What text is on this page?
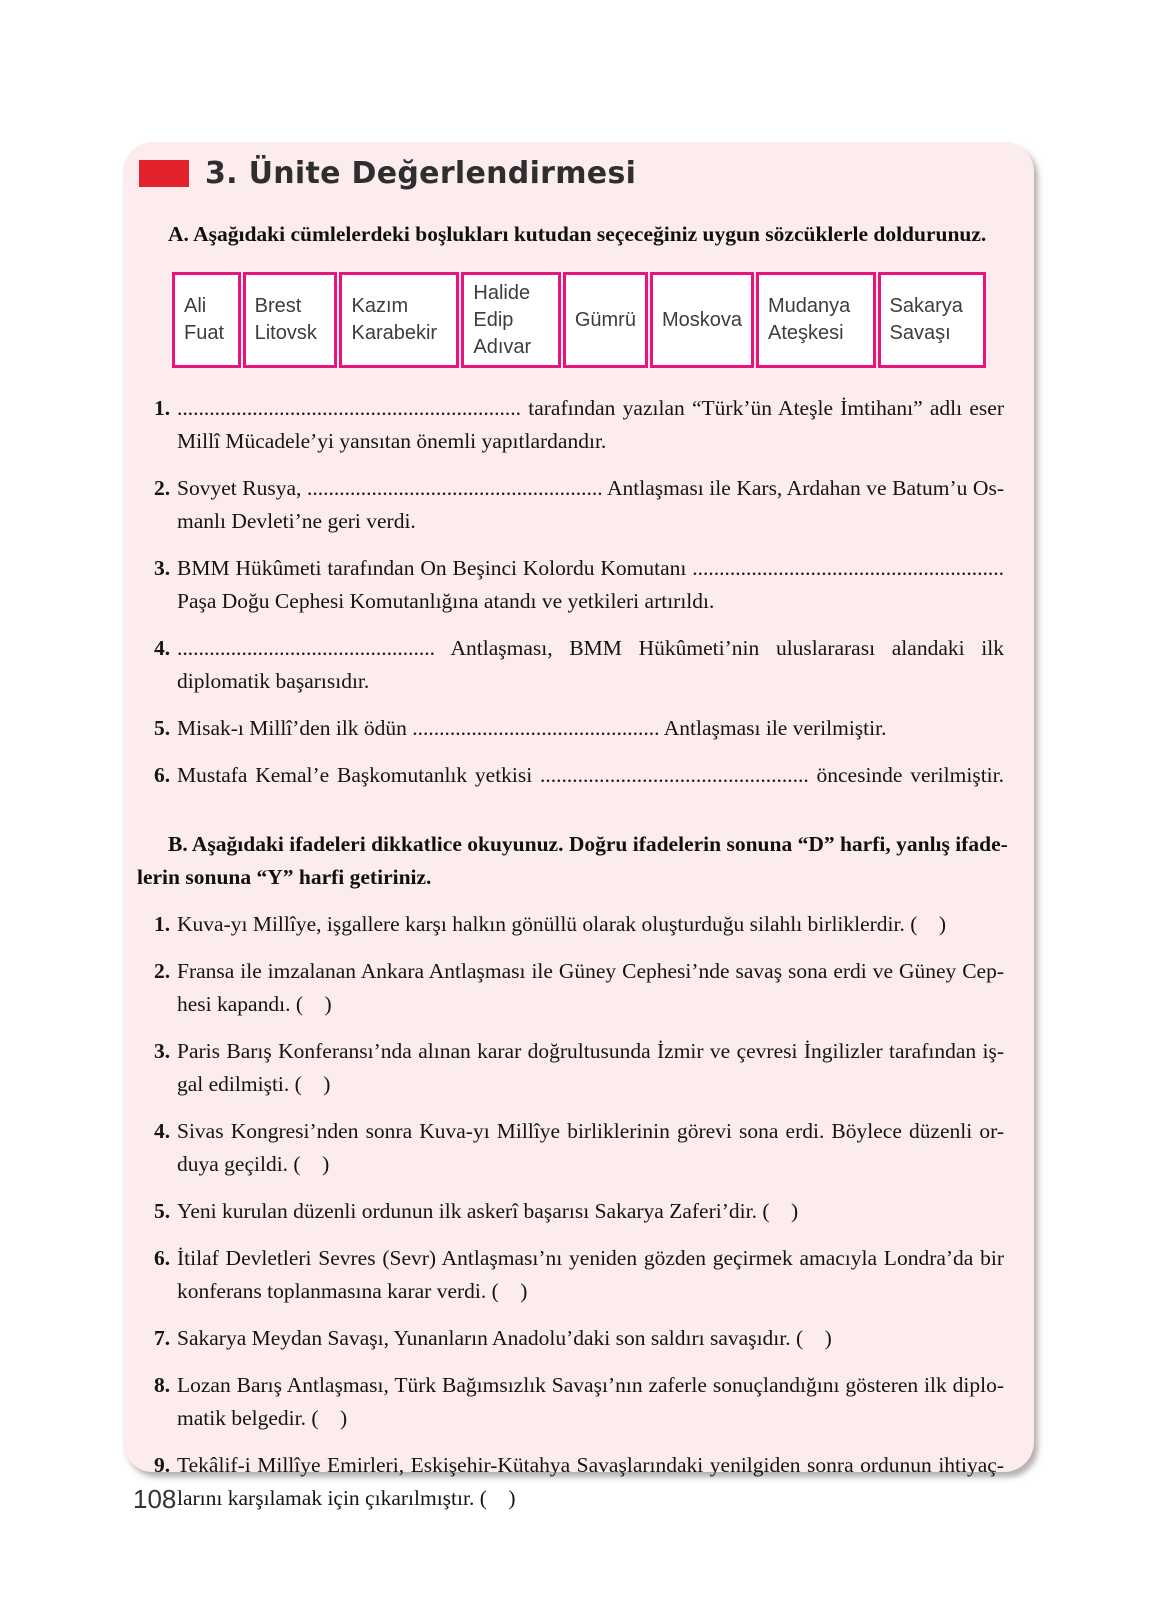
3. Ünite Değerlendirmesi

A. Aşağıdaki cümlelerdeki boşlukları kutudan seçeceğiniz uygun sözcüklerle doldurunuz.

Ali Fuat	Brest Litovsk	Kazım Karabekir	Halide Edip Adıvar	Gümrü	Moskova	Mudanya Ateşkesi	Sakarya Savaşı
1. ................................................................ tarafından yazılan “Türk’ün Ateşle İmtihanı” adlı eser
Millî Mücadele’yi yansıtan önemli yapıtlardandır.
2. Sovyet Rusya, ....................................................... Antlaşması ile Kars, Ardahan ve Batum’u Os-
manlı Devleti’ne geri verdi.
3. BMM Hükûmeti tarafından On Beşinci Kolordu Komutanı ..........................................................
Paşa Doğu Cephesi Komutanlığına atandı ve yetkileri artırıldı.
4. ................................................ Antlaşması, BMM Hükûmeti’nin uluslararası alandaki ilk
diplomatik başarısıdır.
5. Misak-ı Millî’den ilk ödün .............................................. Antlaşması ile verilmiştir.
6. Mustafa Kemal’e Başkomutanlık yetkisi .................................................. öncesinde verilmiştir.
B. Aşağıdaki ifadeleri dikkatlice okuyunuz. Doğru ifadelerin sonuna “D” harfi, yanlış ifade-
lerin sonuna “Y” harfi getiriniz.
1. Kuva-yı Millîye, işgallere karşı halkın gönüllü olarak oluşturduğu silahlı birliklerdir. (    )
2. Fransa ile imzalanan Ankara Antlaşması ile Güney Cephesi’nde savaş sona erdi ve Güney Cep-
hesi kapandı. (    )
3. Paris Barış Konferansı’nda alınan karar doğrultusunda İzmir ve çevresi İngilizler tarafından iş-
gal edilmişti. (    )
4. Sivas Kongresi’nden sonra Kuva-yı Millîye birliklerinin görevi sona erdi. Böylece düzenli or-
duya geçildi. (    )
5. Yeni kurulan düzenli ordunun ilk askerî başarısı Sakarya Zaferi’dir. (    )
6. İtilaf Devletleri Sevres (Sevr) Antlaşması’nı yeniden gözden geçirmek amacıyla Londra’da bir
konferans toplanmasına karar verdi. (    )
7. Sakarya Meydan Savaşı, Yunanların Anadolu’daki son saldırı savaşıdır. (    )
8. Lozan Barış Antlaşması, Türk Bağımsızlık Savaşı’nın zaferle sonuçlandığını gösteren ilk diplo-
matik belgedir. (    )
9. Tekâlif-i Millîye Emirleri, Eskişehir-Kütahya Savaşlarındaki yenilgiden sonra ordunun ihtiyaç-
larını karşılamak için çıkarılmıştır. (    )
108
